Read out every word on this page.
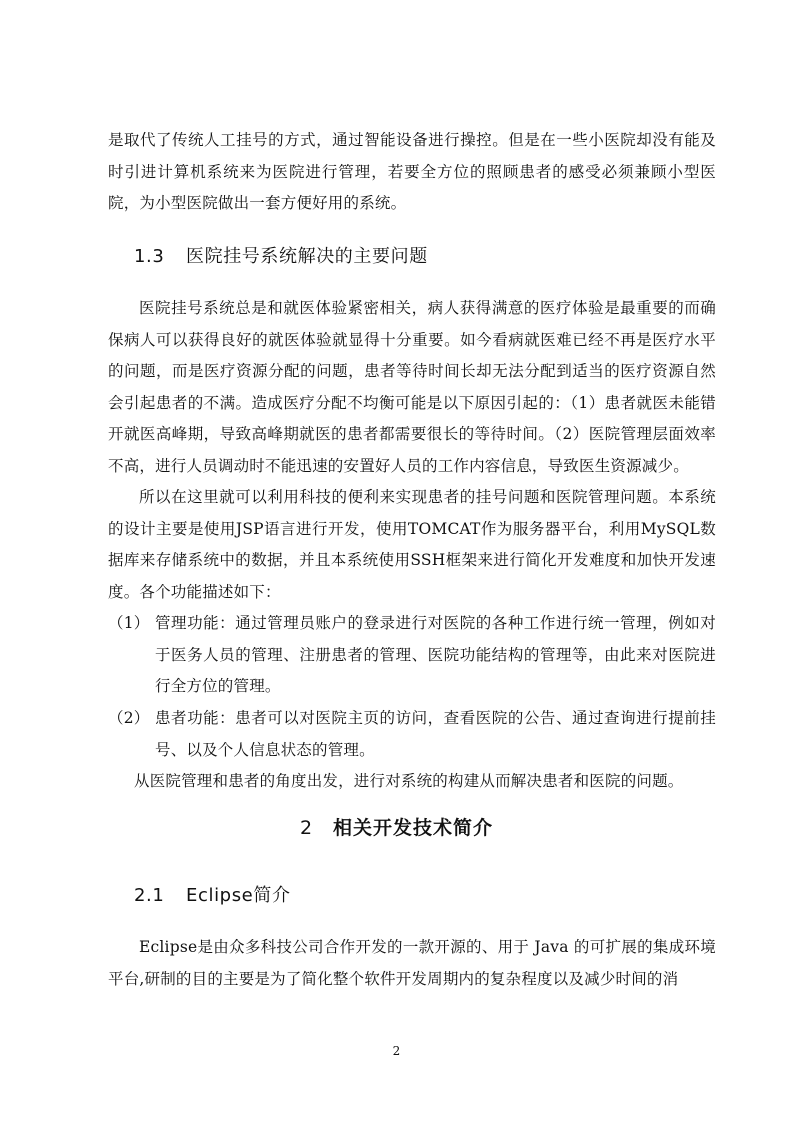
是取代了传统人工挂号的方式，通过智能设备进行操控。但是在一些小医院却没有能及时引进计算机系统来为医院进行管理，若要全方位的照顾患者的感受必须兼顾小型医院，为小型医院做出一套方便好用的系统。

1.3 医院挂号系统解决的主要问题

医院挂号系统总是和就医体验紧密相关，病人获得满意的医疗体验是最重要的而确保病人可以获得良好的就医体验就显得十分重要。如今看病就医难已经不再是医疗水平的问题，而是医疗资源分配的问题，患者等待时间长却无法分配到适当的医疗资源自然会引起患者的不满。造成医疗分配不均衡可能是以下原因引起的：（1）患者就医未能错开就医高峰期，导致高峰期就医的患者都需要很长的等待时间。（2）医院管理层面效率不高，进行人员调动时不能迅速的安置好人员的工作内容信息，导致医生资源减少。

所以在这里就可以利用科技的便利来实现患者的挂号问题和医院管理问题。本系统的设计主要是使用JSP语言进行开发，使用TOMCAT作为服务器平台，利用MySQL数据库来存储系统中的数据，并且本系统使用SSH框架来进行简化开发难度和加快开发速度。各个功能描述如下：

（1） 管理功能：通过管理员账户的登录进行对医院的各种工作进行统一管理，例如对于医务人员的管理、注册患者的管理、医院功能结构的管理等，由此来对医院进行全方位的管理。
（2） 患者功能：患者可以对医院主页的访问，查看医院的公告、通过查询进行提前挂号、以及个人信息状态的管理。

从医院管理和患者的角度出发，进行对系统的构建从而解决患者和医院的问题。

2 相关开发技术简介
2.1 Eclipse简介

Eclipse是由众多科技公司合作开发的一款开源的、用于 Java 的可扩展的集成环境平台,研制的目的主要是为了简化整个软件开发周期内的复杂程度以及减少时间的消

2
